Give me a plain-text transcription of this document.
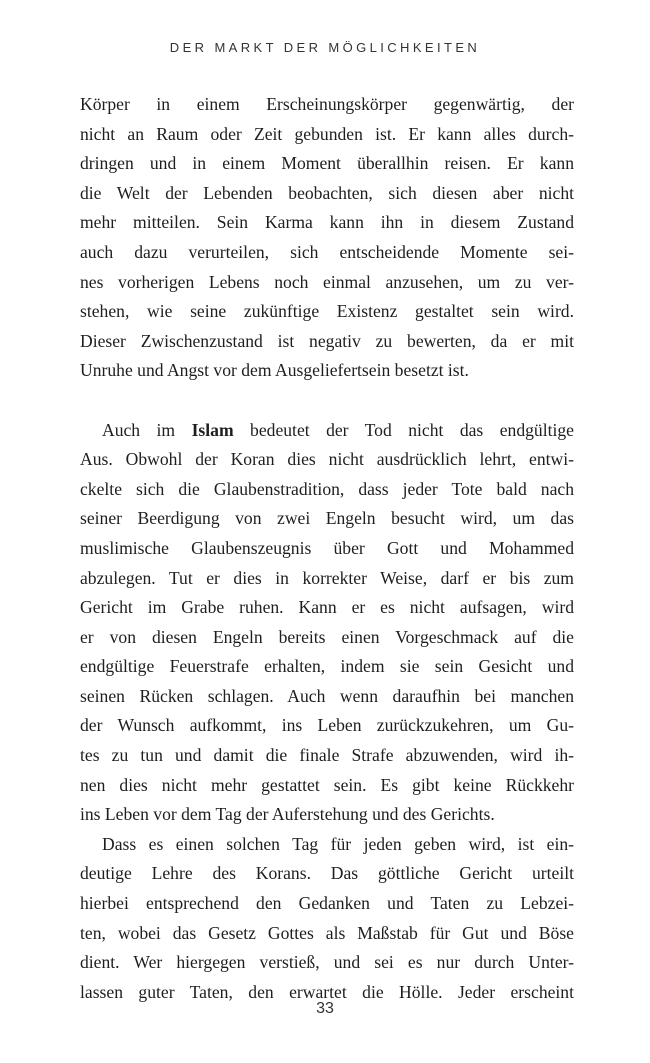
DER MARKT DER MÖGLICHKEITEN
Körper in einem Erscheinungskörper gegenwärtig, der
nicht an Raum oder Zeit gebunden ist. Er kann alles durch-
dringen und in einem Moment überallhin reisen. Er kann
die Welt der Lebenden beobachten, sich diesen aber nicht
mehr mitteilen. Sein Karma kann ihn in diesem Zustand
auch dazu verurteilen, sich entscheidende Momente sei-
nes vorherigen Lebens noch einmal anzusehen, um zu ver-
stehen, wie seine zukünftige Existenz gestaltet sein wird.
Dieser Zwischenzustand ist negativ zu bewerten, da er mit
Unruhe und Angst vor dem Ausgeliefertsein besetzt ist.
Auch im Islam bedeutet der Tod nicht das endgültige
Aus. Obwohl der Koran dies nicht ausdrücklich lehrt, entwi-
ckelte sich die Glaubenstradition, dass jeder Tote bald nach
seiner Beerdigung von zwei Engeln besucht wird, um das
muslimische Glaubenszeugnis über Gott und Mohammed
abzulegen. Tut er dies in korrekter Weise, darf er bis zum
Gericht im Grabe ruhen. Kann er es nicht aufsagen, wird
er von diesen Engeln bereits einen Vorgeschmack auf die
endgültige Feuerstrafe erhalten, indem sie sein Gesicht und
seinen Rücken schlagen. Auch wenn daraufhin bei manchen
der Wunsch aufkommt, ins Leben zurückzukehren, um Gu-
tes zu tun und damit die finale Strafe abzuwenden, wird ih-
nen dies nicht mehr gestattet sein. Es gibt keine Rückkehr
ins Leben vor dem Tag der Auferstehung und des Gerichts.
Dass es einen solchen Tag für jeden geben wird, ist ein-
deutige Lehre des Korans. Das göttliche Gericht urteilt
hierbei entsprechend den Gedanken und Taten zu Lebzei-
ten, wobei das Gesetz Gottes als Maßstab für Gut und Böse
dient. Wer hiergegen verstieß, und sei es nur durch Unter-
lassen guter Taten, den erwartet die Hölle. Jeder erscheint
33
